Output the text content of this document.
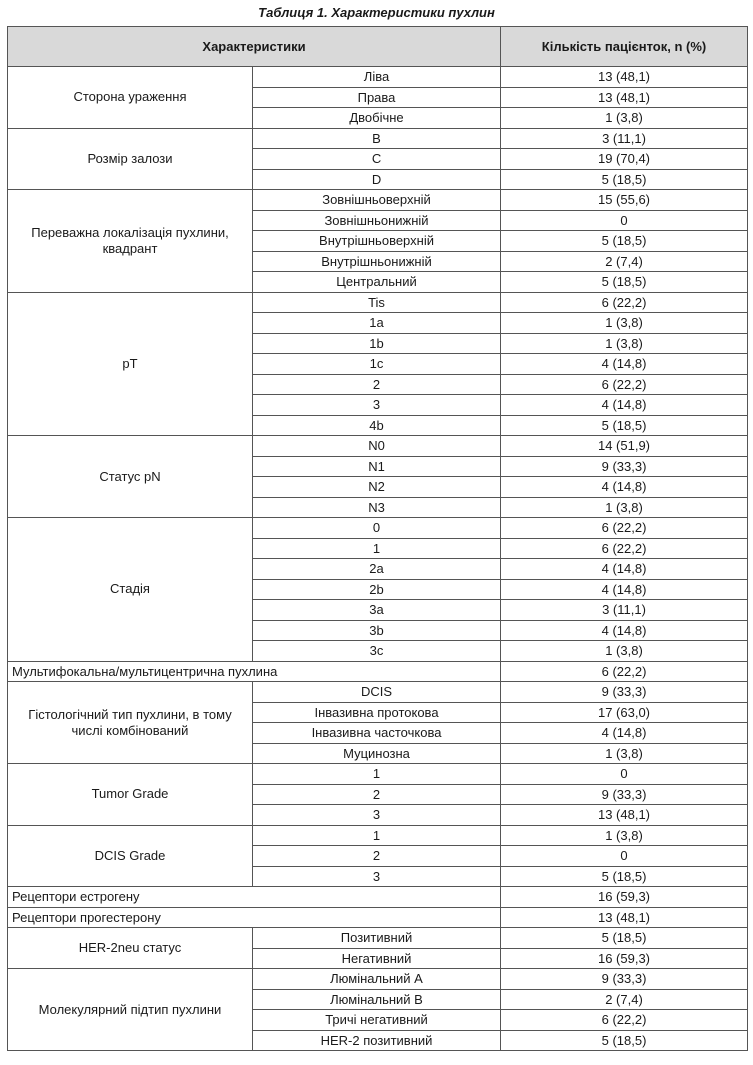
Таблиця 1. Характеристики пухлин
Характеристики		Кількість пацієнток, n (%)
Сторона ураження	Ліва	13 (48,1)
	Права	13 (48,1)
	Двобічне	1 (3,8)
Розмір залози	B	3 (11,1)
	C	19 (70,4)
	D	5 (18,5)
Переважна локалізація пухлини, квадрант	Зовнішньоверхній	15 (55,6)
	Зовнішньонижній	0
	Внутрішньоверхній	5 (18,5)
	Внутрішньонижній	2 (7,4)
	Центральний	5 (18,5)
pT	Tis	6 (22,2)
	1a	1 (3,8)
	1b	1 (3,8)
	1c	4 (14,8)
	2	6 (22,2)
	3	4 (14,8)
	4b	5 (18,5)
Статус pN	N0	14 (51,9)
	N1	9 (33,3)
	N2	4 (14,8)
	N3	1 (3,8)
Стадія	0	6 (22,2)
	1	6 (22,2)
	2a	4 (14,8)
	2b	4 (14,8)
	3a	3 (11,1)
	3b	4 (14,8)
	3c	1 (3,8)
Мультифокальна/мультицентрична пухлина		6 (22,2)
Гістологічний тип пухлини, в тому числі комбінований	DCIS	9 (33,3)
	Інвазивна протокова	17 (63,0)
	Інвазивна часточкова	4 (14,8)
	Муцинозна	1 (3,8)
Tumor Grade	1	0
	2	9 (33,3)
	3	13 (48,1)
DCIS Grade	1	1 (3,8)
	2	0
	3	5 (18,5)
Рецептори естрогену		16 (59,3)
Рецептори прогестерону		13 (48,1)
HER-2neu статус	Позитивний	5 (18,5)
	Негативний	16 (59,3)
Молекулярний підтип пухлини	Люмінальний А	9 (33,3)
	Люмінальний В	2 (7,4)
	Тричі негативний	6 (22,2)
	HER-2 позитивний	5 (18,5)
